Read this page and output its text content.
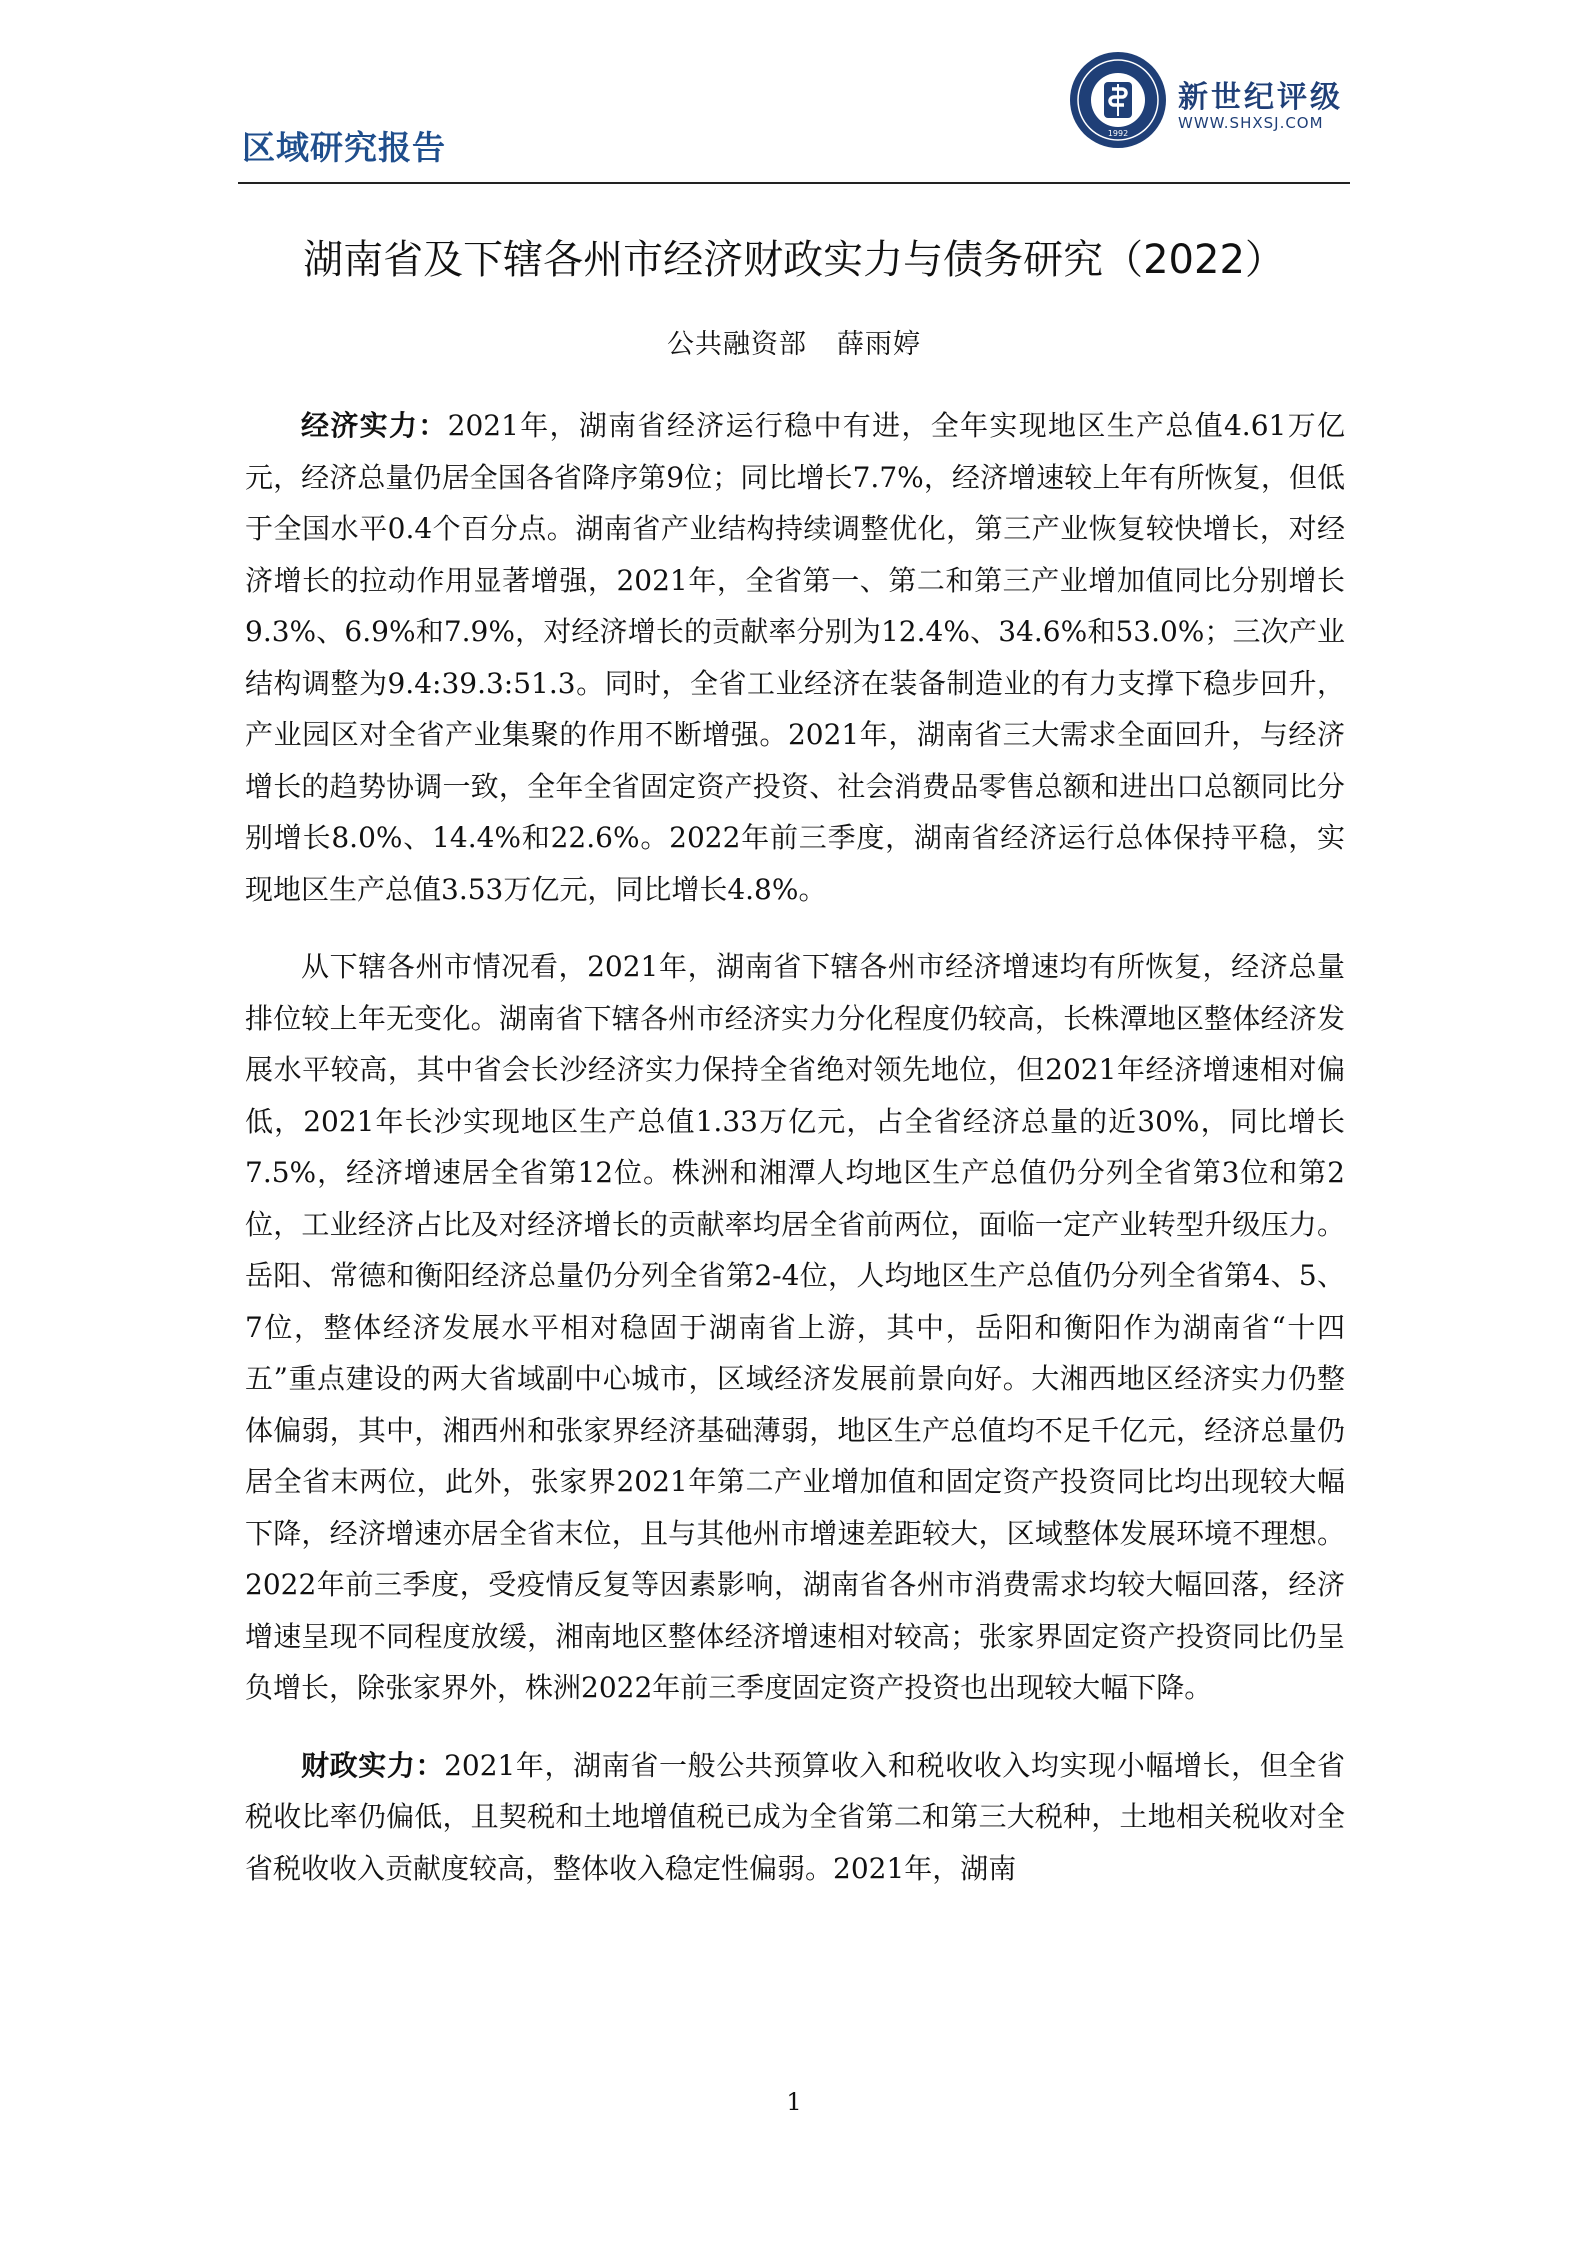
1992
新世纪评级
WWW.SHXSJ.COM
区域研究报告
湖南省及下辖各州市经济财政实力与债务研究（2022）
公共融资部 薛雨婷

经济实力：2021年，湖南省经济运行稳中有进，全年实现地区生产总值4.61万亿元，经济总量仍居全国各省降序第9位；同比增长7.7%，经济增速较上年有所恢复，但低于全国水平0.4个百分点。湖南省产业结构持续调整优化，第三产业恢复较快增长，对经济增长的拉动作用显著增强，2021年，全省第一、第二和第三产业增加值同比分别增长9.3%、6.9%和7.9%，对经济增长的贡献率分别为12.4%、34.6%和53.0%；三次产业结构调整为9.4:39.3:51.3。同时，全省工业经济在装备制造业的有力支撑下稳步回升，产业园区对全省产业集聚的作用不断增强。2021年，湖南省三大需求全面回升，与经济增长的趋势协调一致，全年全省固定资产投资、社会消费品零售总额和进出口总额同比分别增长8.0%、14.4%和22.6%。2022年前三季度，湖南省经济运行总体保持平稳，实现地区生产总值3.53万亿元，同比增长4.8%。

从下辖各州市情况看，2021年，湖南省下辖各州市经济增速均有所恢复，经济总量排位较上年无变化。湖南省下辖各州市经济实力分化程度仍较高，长株潭地区整体经济发展水平较高，其中省会长沙经济实力保持全省绝对领先地位，但2021年经济增速相对偏低，2021年长沙实现地区生产总值1.33万亿元，占全省经济总量的近30%，同比增长7.5%，经济增速居全省第12位。株洲和湘潭人均地区生产总值仍分列全省第3位和第2位，工业经济占比及对经济增长的贡献率均居全省前两位，面临一定产业转型升级压力。岳阳、常德和衡阳经济总量仍分列全省第2-4位，人均地区生产总值仍分列全省第4、5、7位，整体经济发展水平相对稳固于湖南省上游，其中，岳阳和衡阳作为湖南省“十四五”重点建设的两大省域副中心城市，区域经济发展前景向好。大湘西地区经济实力仍整体偏弱，其中，湘西州和张家界经济基础薄弱，地区生产总值均不足千亿元，经济总量仍居全省末两位，此外，张家界2021年第二产业增加值和固定资产投资同比均出现较大幅下降，经济增速亦居全省末位，且与其他州市增速差距较大，区域整体发展环境不理想。2022年前三季度，受疫情反复等因素影响，湖南省各州市消费需求均较大幅回落，经济增速呈现不同程度放缓，湘南地区整体经济增速相对较高；张家界固定资产投资同比仍呈负增长，除张家界外，株洲2022年前三季度固定资产投资也出现较大幅下降。

财政实力：2021年，湖南省一般公共预算收入和税收收入均实现小幅增长，但全省税收比率仍偏低，且契税和土地增值税已成为全省第二和第三大税种，土地相关税收对全省税收收入贡献度较高，整体收入稳定性偏弱。2021年，湖南

1
